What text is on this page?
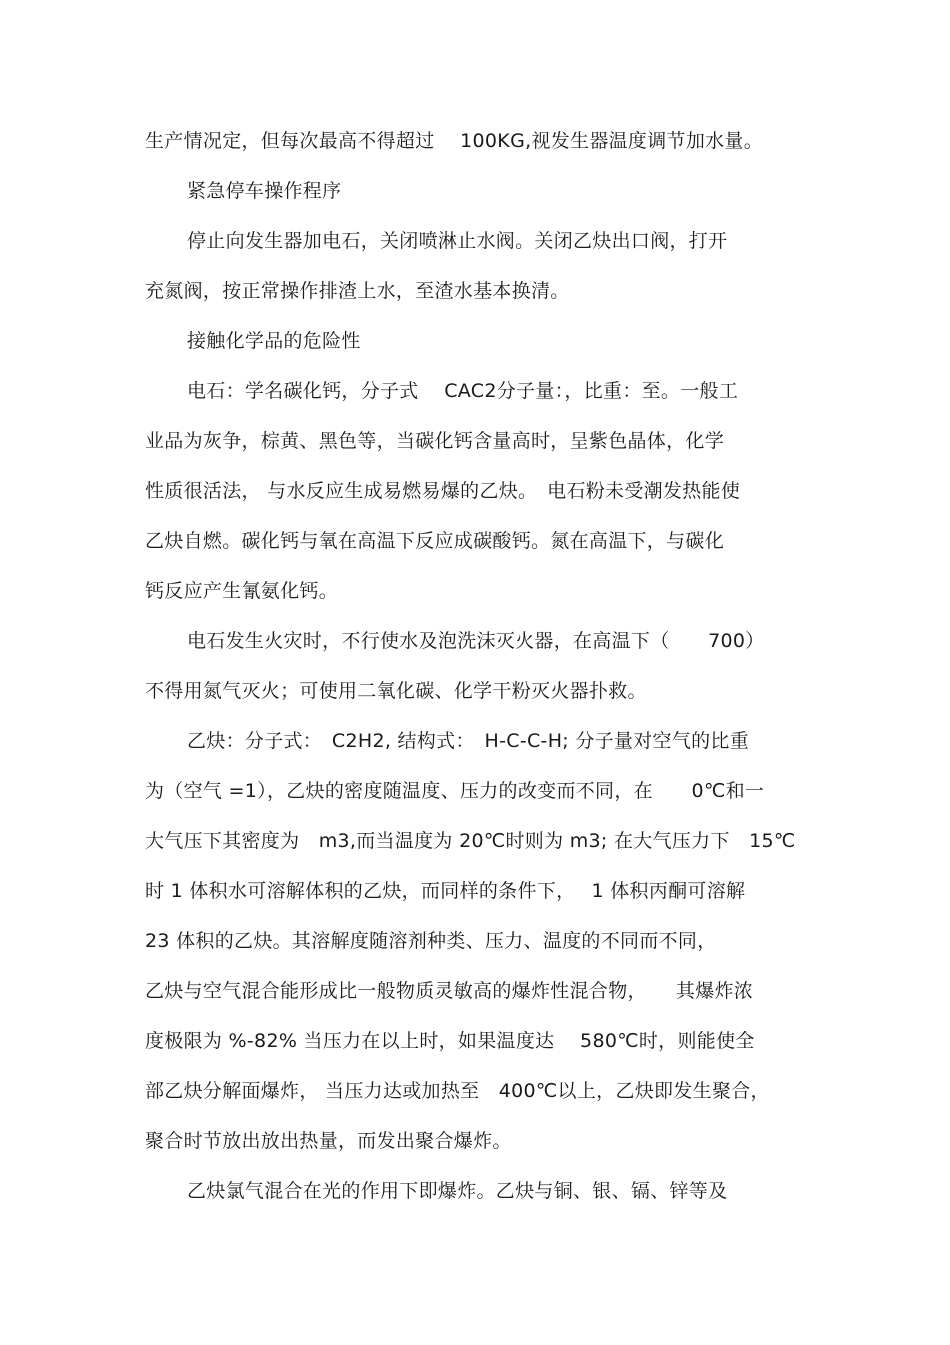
生产情况定，但每次最高不得超过　 100KG,视发生器温度调节加水量。
紧急停车操作程序
停止向发生器加电石，关闭喷淋止水阀。关闭乙炔出口阀，打开
充氮阀，按正常操作排渣上水，至渣水基本换清。
接触化学品的危险性
电石：学名碳化钙，分子式　 CAC2分子量：，比重：至。一般工
业品为灰争，棕黄、黑色等，当碳化钙含量高时，呈紫色晶体，化学
性质很活法， 与水反应生成易燃易爆的乙炔。　电石粉未受潮发热能使
乙炔自燃。碳化钙与氧在高温下反应成碳酸钙。氮在高温下，与碳化
钙反应产生氰氨化钙。
电石发生火灾时，不行使水及泡洗沫灭火器，在高温下（　　700）
不得用氮气灭火；可使用二氧化碳、化学干粉灭火器扑救。
乙炔：分子式：　C2H2, 结构式：　H-C-C-H; 分子量对空气的比重
为（空气 =1），乙炔的密度随温度、压力的改变而不同，在　　0℃和一
大气压下其密度为　m3,而当温度为 20℃时则为 m3; 在大气压力下　15℃
时 1 体积水可溶解体积的乙炔，而同样的条件下，　 1 体积丙酮可溶解
23 体积的乙炔。其溶解度随溶剂种类、压力、温度的不同而不同，
乙炔与空气混合能形成比一般物质灵敏高的爆炸性混合物，　　其爆炸浓
度极限为 %-82% 当压力在以上时，如果温度达　 580℃时，则能使全
部乙炔分解面爆炸， 当压力达或加热至　400℃以上，乙炔即发生聚合，
聚合时节放出放出热量，而发出聚合爆炸。
乙炔氯气混合在光的作用下即爆炸。乙炔与铜、银、镉、锌等及
